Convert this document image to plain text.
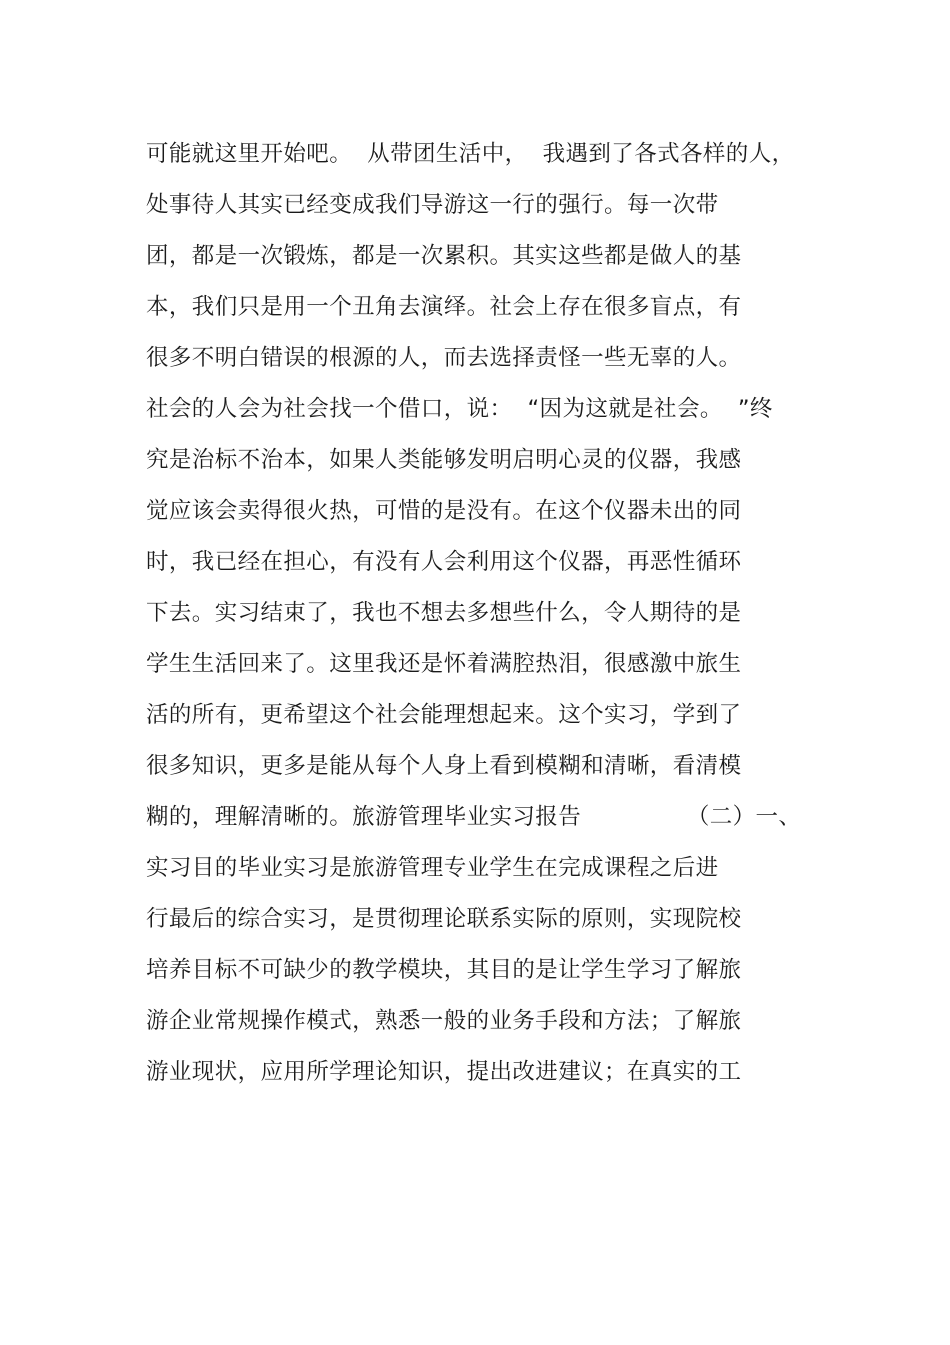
可能就这里开始吧。  从带团生活中，  我遇到了各式各样的人，
处事待人其实已经变成我们导游这一行的强行。每一次带
团，都是一次锻炼，都是一次累积。其实这些都是做人的基
本，我们只是用一个丑角去演绎。社会上存在很多盲点，有
很多不明白错误的根源的人，而去选择责怪一些无辜的人。
社会的人会为社会找一个借口，说：  “因为这就是社会。  ”终
究是治标不治本，如果人类能够发明启明心灵的仪器，我感
觉应该会卖得很火热，可惜的是没有。在这个仪器未出的同
时，我已经在担心，有没有人会利用这个仪器，再恶性循环
下去。实习结束了，我也不想去多想些什么，令人期待的是
学生生活回来了。这里我还是怀着满腔热泪，很感激中旅生
活的所有，更希望这个社会能理想起来。这个实习，学到了
很多知识，更多是能从每个人身上看到模糊和清晰，看清模
糊的，理解清晰的。旅游管理毕业实习报告              （二）一、
实习目的毕业实习是旅游管理专业学生在完成课程之后进
行最后的综合实习，是贯彻理论联系实际的原则，实现院校
培养目标不可缺少的教学模块，其目的是让学生学习了解旅
游企业常规操作模式，熟悉一般的业务手段和方法；了解旅
游业现状，应用所学理论知识，提出改进建议；在真实的工
